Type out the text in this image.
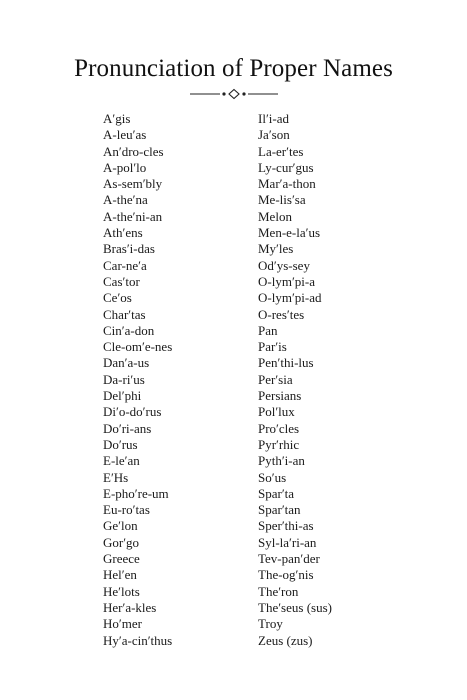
Pronunciation of Proper Names
A′gis
A-leu′as
An′dro-cles
A-pol′lo
As-sem′bly
A-the′na
A-the′ni-an
Ath′ens
Bras′i-das
Car-ne′a
Cas′tor
Ce′os
Char′tas
Cin′a-don
Cle-om′e-nes
Dan′a-us
Da-ri′us
Del′phi
Di′o-do′rus
Do′ri-ans
Do′rus
E-le′an
E′Hs
E-pho′re-um
Eu-ro′tas
Ge′lon
Gor′go
Greece
Hel′en
He′lots
Her′a-kles
Ho′mer
Hy′a-cin′thus
Il′i-ad
Ja′son
La-er′tes
Ly-cur′gus
Mar′a-thon
Me-lis′sa
Melon
Men-e-la′us
My′les
Od′ys-sey
O-lym′pi-a
O-lym′pi-ad
O-res′tes
Pan
Par′is
Pen′thi-lus
Per′sia
Persians
Pol′lux
Pro′cles
Pyr′rhic
Pyth′i-an
So′us
Spar′ta
Spar′tan
Sper′thi-as
Syl-la′ri-an
Tev-pan′der
The-og′nis
The′ron
The′seus (sus)
Troy
Zeus (zus)
